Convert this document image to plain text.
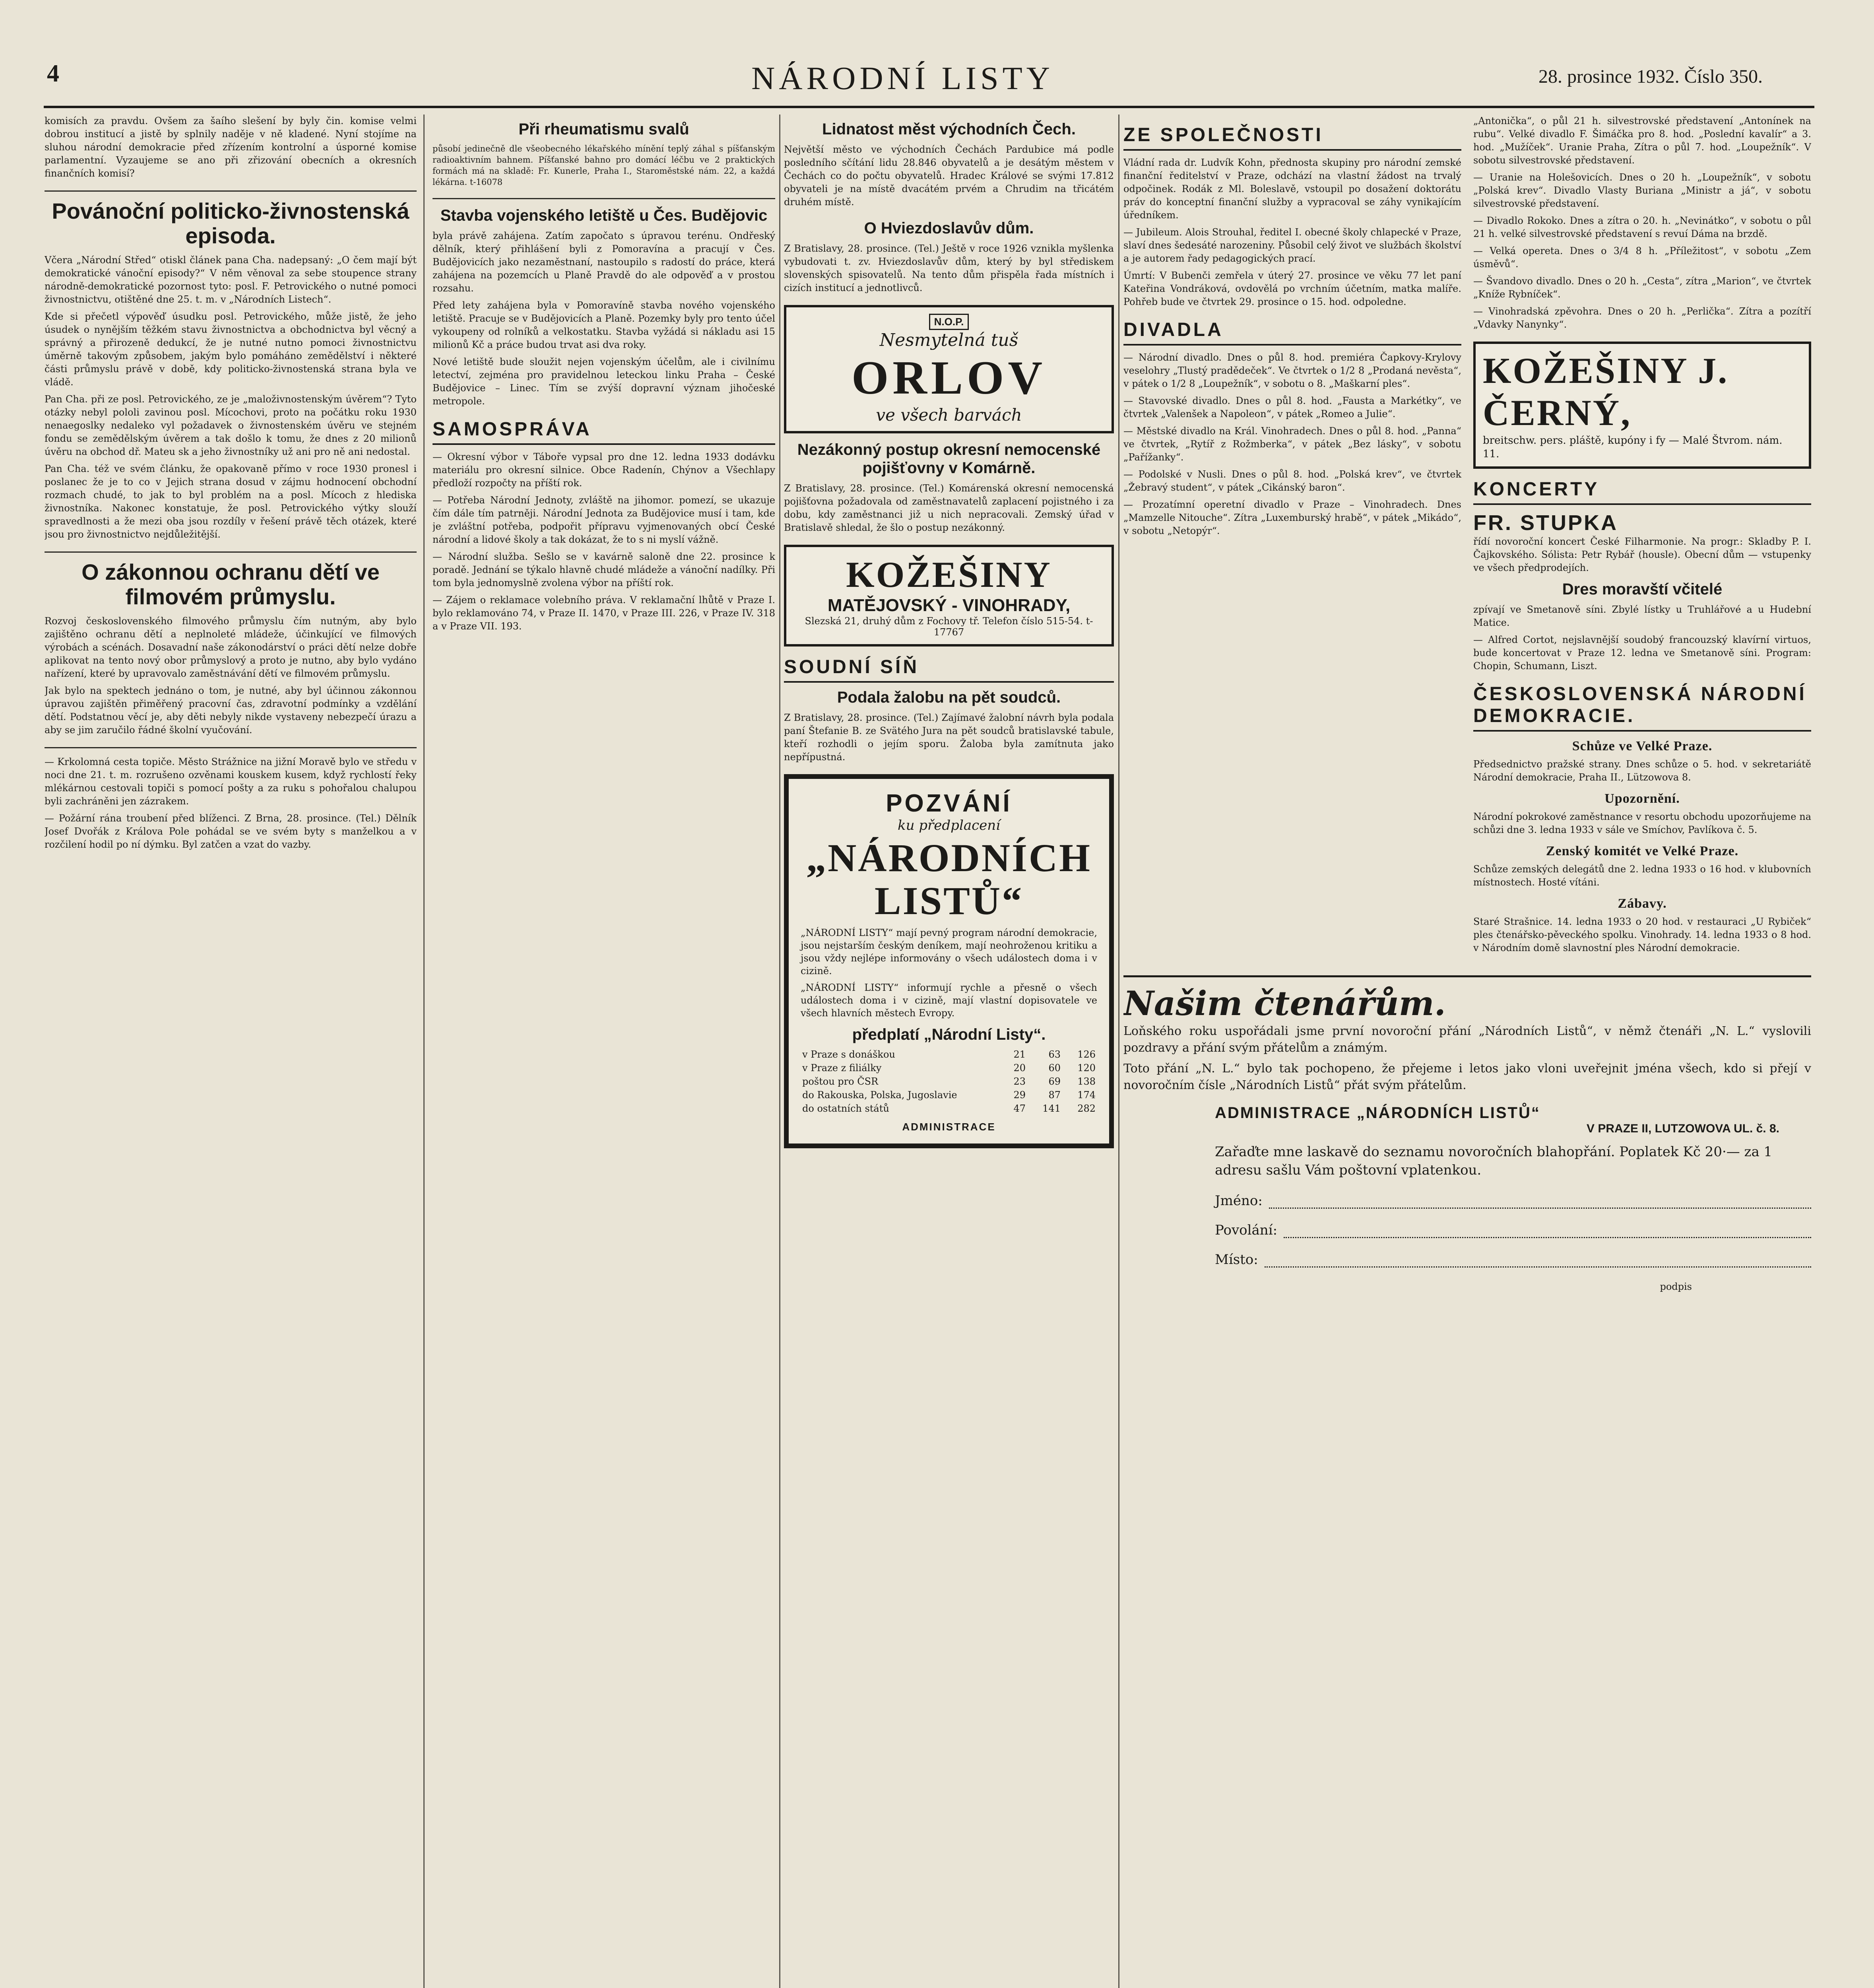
4	NÁRODNÍ LISTY	28. prosince 1932. Číslo 350.

komisích za pravdu. Ovšem za šaího slešení by byly čin. komise velmi dobrou institucí a jistě by splnily naděje v ně kladené. Nyní stojíme na sluhou národní demokracie před zřízením kontrolní a úsporné komise parlamentní. Vyzaujeme se ano při zřizování obecních a okresních finančních komisí?

Povánoční politicko-živnostenská episoda.

Včera „Národní Střed“ otiskl článek pana Cha. nadepsaný: „O čem mají být demokratické vánoční episody?“ V něm věnoval za sebe stoupence strany národně-demokratické pozornost tyto: posl. F. Petrovického o nutné pomoci živnostnictvu, otištěné dne 25. t. m. v „Národních Listech“.

Kde si přečetl výpověď úsudku posl. Petrovického, může jistě, že jeho úsudek o nynějším těžkém stavu živnostnictva a obchodnictva byl věcný a správný a přirozeně dedukcí, že je nutné nutno pomoci živnostnictvu úměrně takovým způsobem, jakým bylo pomáháno zemědělství i některé části průmyslu právě v době, kdy politicko-živnostenská strana byla ve vládě.

Pan Cha. při ze posl. Petrovického, ze je „maloživnostenským úvěrem“? Tyto otázky nebyl pololi zavinou posl. Mícochovi, proto na počátku roku 1930 nenaegoslky nedaleko vyl požadavek o živnostenském úvěru ve stejném fondu se zemědělským úvěrem a tak došlo k tomu, že dnes z 20 milionů úvěru na obchod dř. Mateu sk a jeho živnostníky už ani pro ně ani nedostal.

Pan Cha. též ve svém článku, že opakovaně přímo v roce 1930 pronesl i poslanec že je to co v Jejich strana dosud v zájmu hodnocení obchodní rozmach chudé, to jak to byl problém na a posl. Mícoch z hlediska živnostníka. Nakonec konstatuje, že posl. Petrovického výtky slouží spravedlnosti a že mezi oba jsou rozdíly v řešení právě těch otázek, které jsou pro živnostnictvo nejdůležitější.

O zákonnou ochranu dětí ve filmovém průmyslu.

Rozvoj československého filmového průmyslu čím nutným, aby bylo zajištěno ochranu dětí a neplnoleté mládeže, účinkující ve filmových výrobách a scénách. Dosavadní naše zákonodárství o práci dětí nelze dobře aplikovat na tento nový obor průmyslový a proto je nutno, aby bylo vydáno nařízení, které by upravovalo zaměstnávání dětí ve filmovém průmyslu.

Jak bylo na spektech jednáno o tom, je nutné, aby byl účinnou zákonnou úpravou zajištěn přiměřený pracovní čas, zdravotní podmínky a vzdělání dětí. Podstatnou věcí je, aby děti nebyly nikde vystaveny nebezpečí úrazu a aby se jim zaručilo řádné školní vyučování.

— Krkolomná cesta topiče. Město Strážnice na jižní Moravě bylo ve středu v noci dne 21. t. m. rozrušeno ozvěnami kouskem kusem, když rychlostí řeky mlékárnou cestovali topiči s pomocí pošty a za ruku s pohořalou chalupou byli zachráněni jen zázrakem.

— Požární rána troubení před blíženci. Z Brna, 28. prosince. (Tel.) Dělník Josef Dvořák z Králova Pole pohádal se ve svém byty s manželkou a v rozčilení hodil po ní dýmku. Byl zatčen a vzat do vazby.

Při rheumatismu svalů

působí jedinečně dle všeobecného lékařského mínění teplý záhal s píšťanským radioaktivním bahnem. Píšťanské bahno pro domácí léčbu ve 2 praktických formách má na skladě: Fr. Kunerle, Praha I., Staroměstské nám. 22, a každá lékárna. t-16078

Stavba vojenského letiště u Čes. Budějovic

byla právě zahájena. Zatím započato s úpravou terénu. Ondřeský dělník, který přihlášení byli z Pomoravína a pracují v Čes. Budějovicích jako nezaměstnaní, nastoupilo s radostí do práce, která zahájena na pozemcích u Planě Pravdě do ale odpověď a v prostou rozsahu.

Před lety zahájena byla v Pomoravíně stavba nového vojenského letiště. Pracuje se v Budějovicích a Planě. Pozemky byly pro tento účel vykoupeny od rolníků a velkostatku. Stavba vyžádá si nákladu asi 15 milionů Kč a práce budou trvat asi dva roky.

Nové letiště bude sloužit nejen vojenským účelům, ale i civilnímu letectví, zejména pro pravidelnou leteckou linku Praha – České Budějovice – Linec. Tím se zvýší dopravní význam jihočeské metropole.

SAMOSPRÁVA

— Okresní výbor v Táboře vypsal pro dne 12. ledna 1933 dodávku materiálu pro okresní silnice. Obce Radenín, Chýnov a Všechlapy předloží rozpočty na příští rok.

— Potřeba Národní Jednoty, zvláště na jihomor. pomezí, se ukazuje čím dále tím patrněji. Národní Jednota za Budějovice musí i tam, kde je zvláštní potřeba, podpořit přípravu vyjmenovaných obcí České národní a lidové školy a tak dokázat, že to s ni myslí vážně.

— Národní služba. Sešlo se v kavárně saloně dne 22. prosince k poradě. Jednání se týkalo hlavně chudé mládeže a vánoční nadílky. Při tom byla jednomyslně zvolena výbor na příští rok.

— Zájem o reklamace volebního práva. V reklamační lhůtě v Praze I. bylo reklamováno 74, v Praze II. 1470, v Praze III. 226, v Praze IV. 318 a v Praze VII. 193.

Lidnatost měst východních Čech.

Největší město ve východních Čechách Pardubice má podle posledního sčítání lidu 28.846 obyvatelů a je desátým městem v Čechách co do počtu obyvatelů. Hradec Králové se svými 17.812 obyvateli je na místě dvacátém prvém a Chrudim na třicátém druhém místě.

O Hviezdoslavův dům.

Z Bratislavy, 28. prosince. (Tel.) Ještě v roce 1926 vznikla myšlenka vybudovati t. zv. Hviezdoslavův dům, který by byl střediskem slovenských spisovatelů. Na tento dům přispěla řada místních i cizích institucí a jednotlivců.

N.O.P.
Nesmytelná tuš
ORLOV
ve všech barvách
Nezákonný postup okresní nemocenské pojišťovny v Komárně.

Z Bratislavy, 28. prosince. (Tel.) Komárenská okresní nemocenská pojišťovna požadovala od zaměstnavatelů zaplacení pojistného i za dobu, kdy zaměstnanci již u nich nepracovali. Zemský úřad v Bratislavě shledal, že šlo o postup nezákonný.

KOŽEŠINY
MATĚJOVSKÝ - VINOHRADY,
Slezská 21, druhý dům z Fochovy tř. Telefon číslo 515-54. t-17767
SOUDNÍ SÍŇ
Podala žalobu na pět soudců.

Z Bratislavy, 28. prosince. (Tel.) Zajímavé žalobní návrh byla podala paní Štefanie B. ze Svätého Jura na pět soudců bratislavské tabule, kteří rozhodli o jejím sporu. Žaloba byla zamítnuta jako nepřípustná.

POZVÁNÍ
ku předplacení
„NÁRODNÍCH LISTŮ“

„NÁRODNÍ LISTY“ mají pevný program národní demokracie, jsou nejstarším českým deníkem, mají neohroženou kritiku a jsou vždy nejlépe informovány o všech událostech doma i v cizině.

„NÁRODNÍ LISTY“ informují rychle a přesně o všech událostech doma i v cizině, mají vlastní dopisovatele ve všech hlavních městech Evropy.

předplatí „Národní Listy“.
v Praze s donáškou	21	63	126
v Praze z filiálky	20	60	120
poštou pro ČSR	23	69	138
do Rakouska, Polska, Jugoslavie	29	87	174
do ostatních států	47	141	282
ADMINISTRACE
ZE SPOLEČNOSTI

Vládní rada dr. Ludvík Kohn, přednosta skupiny pro národní zemské finanční ředitelství v Praze, odchází na vlastní žádost na trvalý odpočinek. Rodák z Ml. Boleslavě, vstoupil po dosažení doktorátu práv do konceptní finanční služby a vypracoval se záhy vynikajícím úředníkem.

— Jubileum. Alois Strouhal, ředitel I. obecné školy chlapecké v Praze, slaví dnes šedesáté narozeniny. Působil celý život ve službách školství a je autorem řady pedagogických prací.

Úmrtí: V Bubenči zemřela v úterý 27. prosince ve věku 77 let paní Kateřina Vondráková, ovdovělá po vrchním účetním, matka malíře. Pohřeb bude ve čtvrtek 29. prosince o 15. hod. odpoledne.

DIVADLA

— Národní divadlo. Dnes o půl 8. hod. premiéra Čapkovy-Krylovy veselohry „Tlustý pradědeček“. Ve čtvrtek o 1/2 8 „Prodaná nevěsta“, v pátek o 1/2 8 „Loupežník“, v sobotu o 8. „Maškarní ples“.

— Stavovské divadlo. Dnes o půl 8. hod. „Fausta a Markétky“, ve čtvrtek „Valenšek a Napoleon“, v pátek „Romeo a Julie“.

— Městské divadlo na Král. Vinohradech. Dnes o půl 8. hod. „Panna“ ve čtvrtek, „Rytíř z Rožmberka“, v pátek „Bez lásky“, v sobotu „Pařížanky“.

— Podolské v Nusli. Dnes o půl 8. hod. „Polská krev“, ve čtvrtek „Žebravý student“, v pátek „Cikánský baron“.

— Prozatímní operetní divadlo v Praze – Vinohradech. Dnes „Mamzelle Nitouche“. Zítra „Luxemburský hrabě“, v pátek „Mikádo“, v sobotu „Netopýr“.

„Antonička“, o půl 21 h. silvestrovské představení „Antonínek na rubu“. Velké divadlo F. Šimáčka pro 8. hod. „Poslední kavalír“ a 3. hod. „Mužíček“. Uranie Praha, Zítra o půl 7. hod. „Loupežník“. V sobotu silvestrovské představení.

— Uranie na Holešovicích. Dnes o 20 h. „Loupežník“, v sobotu „Polská krev“. Divadlo Vlasty Buriana „Ministr a já“, v sobotu silvestrovské představení.

— Divadlo Rokoko. Dnes a zítra o 20. h. „Nevinátko“, v sobotu o půl 21 h. velké silvestrovské představení s revuí Dáma na brzdě.

— Velká opereta. Dnes o 3/4 8 h. „Příležitost“, v sobotu „Zem úsměvů“.

— Švandovo divadlo. Dnes o 20 h. „Cesta“, zítra „Marion“, ve čtvrtek „Kníže Rybníček“.

— Vinohradská zpěvohra. Dnes o 20 h. „Perlička“. Zítra a pozítří „Vdavky Nanynky“.

KOŽEŠINY J. ČERNÝ,
breitschw. pers. pláště, kupóny i fy — Malé Štvrom. nám. 11.
KONCERTY
FR. STUPKA

řídí novoroční koncert České Filharmonie. Na progr.: Skladby P. I. Čajkovského. Sólista: Petr Rybář (housle). Obecní dům — vstupenky ve všech předprodejích.

Dres moravští včitelé

zpívají ve Smetanově síni. Zbylé lístky u Truhlářové a u Hudební Matice.

— Alfred Cortot, nejslavnější soudobý francouzský klavírní virtuos, bude koncertovat v Praze 12. ledna ve Smetanově síni. Program: Chopin, Schumann, Liszt.

ČESKOSLOVENSKÁ NÁRODNÍ DEMOKRACIE.
Schůze ve Velké Praze.

Předsednictvo pražské strany. Dnes schůze o 5. hod. v sekretariátě Národní demokracie, Praha II., Lützowova 8.

Upozornění.

Národní pokrokové zaměstnance v resortu obchodu upozorňujeme na schůzi dne 3. ledna 1933 v sále ve Smíchov, Pavlíkova č. 5.

Zenský komitét ve Velké Praze.

Schůze zemských delegátů dne 2. ledna 1933 o 16 hod. v klubovních místnostech. Hosté vítáni.

Zábavy.

Staré Strašnice. 14. ledna 1933 o 20 hod. v restauraci „U Rybiček“ ples čtenářsko-pěveckého spolku. Vinohrady. 14. ledna 1933 o 8 hod. v Národním domě slavnostní ples Národní demokracie.

Našim čtenářům.

Loňského roku uspořádali jsme první novoroční přání „Národních Listů“, v němž čtenáři „N. L.“ vyslovili pozdravy a přání svým přátelům a známým.

Toto přání „N. L.“ bylo tak pochopeno, že přejeme i letos jako vloni uveřejnit jména všech, kdo si přejí v novoročním čísle „Národních Listů“ přát svým přátelům.

ADMINISTRACE „NÁRODNÍCH LISTŮ“
V PRAZE II, LUTZOWOVA UL. č. 8.

Zařaďte mne laskavě do seznamu novoročních blahopřání. Poplatek Kč 20·— za 1 adresu sašlu Vám poštovní vplatenkou.

Jméno:
Povolání:
Místo:
podpis
